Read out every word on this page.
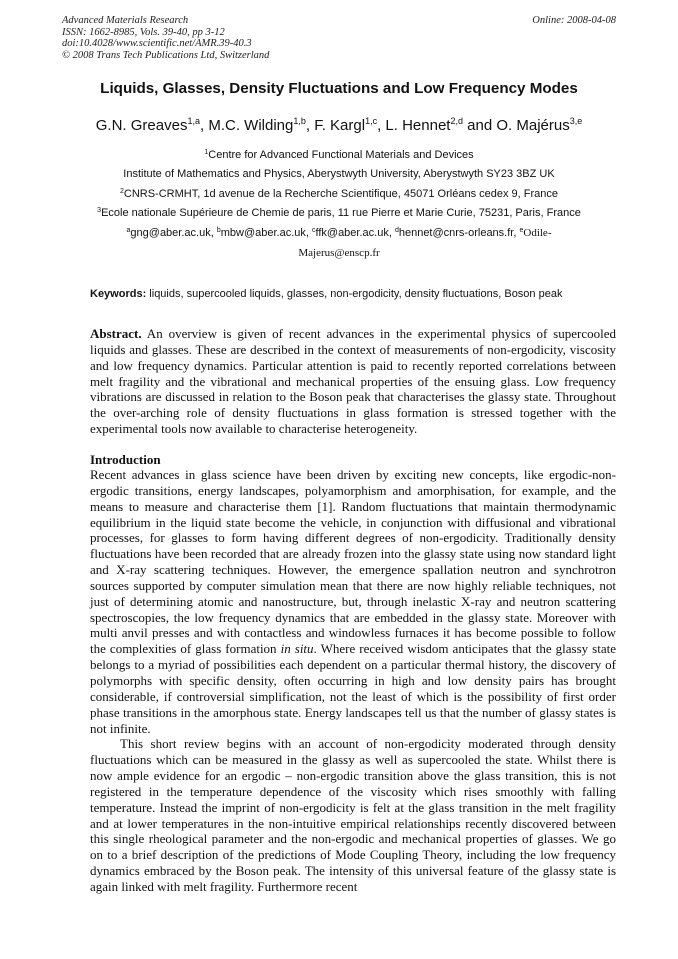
Advanced Materials Research
ISSN: 1662-8985, Vols. 39-40, pp 3-12
doi:10.4028/www.scientific.net/AMR.39-40.3
© 2008 Trans Tech Publications Ltd, Switzerland
Online: 2008-04-08
Liquids, Glasses, Density Fluctuations and Low Frequency Modes
G.N. Greaves$^{1,a}$, M.C. Wilding$^{1,b}$, F. Kargl$^{1,c}$, L. Hennet$^{2,d}$ and O. Majérus$^{3,e}$
$^1$Centre for Advanced Functional Materials and Devices
Institute of Mathematics and Physics, Aberystwyth University, Aberystwyth SY23 3BZ UK
$^2$CNRS-CRMHT, 1d avenue de la Recherche Scientifique, 45071 Orléans cedex 9, France
$^3$Ecole nationale Supérieure de Chemie de paris, 11 rue Pierre et Marie Curie, 75231, Paris, France
$^a$gng@aber.ac.uk, $^b$mbw@aber.ac.uk, $^c$ffk@aber.ac.uk, $^d$hennet@cnrs-orleans.fr, $^e$Odile-
Majerus@enscp.fr
Keywords: liquids, supercooled liquids, glasses, non-ergodicity, density fluctuations, Boson peak
Abstract. An overview is given of recent advances in the experimental physics of supercooled liquids and glasses. These are described in the context of measurements of non-ergodicity, viscosity and low frequency dynamics. Particular attention is paid to recently reported correlations between melt fragility and the vibrational and mechanical properties of the ensuing glass. Low frequency vibrations are discussed in relation to the Boson peak that characterises the glassy state. Throughout the over-arching role of density fluctuations in glass formation is stressed together with the experimental tools now available to characterise heterogeneity.
Introduction

Recent advances in glass science have been driven by exciting new concepts, like ergodic-non-ergodic transitions, energy landscapes, polyamorphism and amorphisation, for example, and the means to measure and characterise them [1]. Random fluctuations that maintain thermodynamic equilibrium in the liquid state become the vehicle, in conjunction with diffusional and vibrational processes, for glasses to form having different degrees of non-ergodicity. Traditionally density fluctuations have been recorded that are already frozen into the glassy state using now standard light and X-ray scattering techniques. However, the emergence spallation neutron and synchrotron sources supported by computer simulation mean that there are now highly reliable techniques, not just of determining atomic and nanostructure, but, through inelastic X-ray and neutron scattering spectroscopies, the low frequency dynamics that are embedded in the glassy state. Moreover with multi anvil presses and with contactless and windowless furnaces it has become possible to follow the complexities of glass formation in situ. Where received wisdom anticipates that the glassy state belongs to a myriad of possibilities each dependent on a particular thermal history, the discovery of polymorphs with specific density, often occurring in high and low density pairs has brought considerable, if controversial simplification, not the least of which is the possibility of first order phase transitions in the amorphous state. Energy landscapes tell us that the number of glassy states is not infinite.

This short review begins with an account of non-ergodicity moderated through density fluctuations which can be measured in the glassy as well as supercooled the state. Whilst there is now ample evidence for an ergodic – non-ergodic transition above the glass transition, this is not registered in the temperature dependence of the viscosity which rises smoothly with falling temperature. Instead the imprint of non-ergodicity is felt at the glass transition in the melt fragility and at lower temperatures in the non-intuitive empirical relationships recently discovered between this single rheological parameter and the non-ergodic and mechanical properties of glasses. We go on to a brief description of the predictions of Mode Coupling Theory, including the low frequency dynamics embraced by the Boson peak. The intensity of this universal feature of the glassy state is again linked with melt fragility. Furthermore recent
